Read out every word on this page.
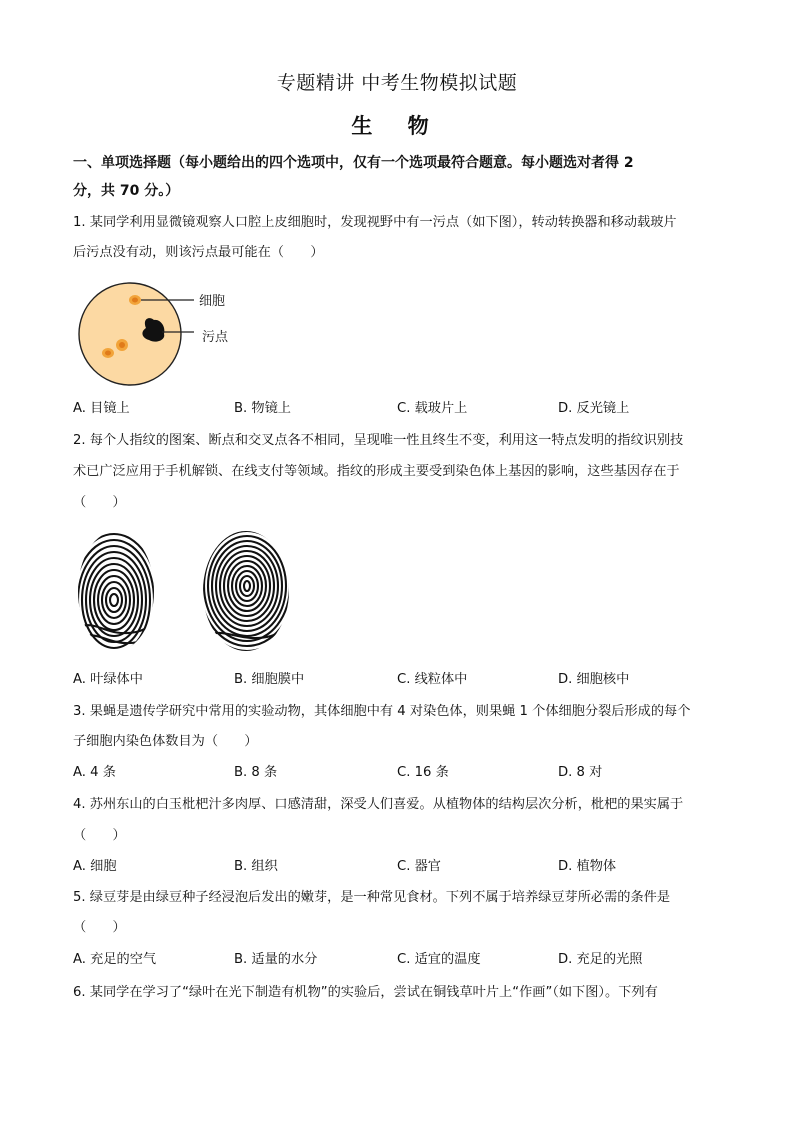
专题精讲 中考生物模拟试题
生 物
一、单项选择题（每小题给出的四个选项中，仅有一个选项最符合题意。每小题选对者得 2
分，共 70 分。）
1. 某同学利用显微镜观察人口腔上皮细胞时，发现视野中有一污点（如下图），转动转换器和移动载玻片
后污点没有动，则该污点最可能在（　　）
细胞
污点
A. 目镜上	B. 物镜上	C. 载玻片上	D. 反光镜上
2. 每个人指纹的图案、断点和交叉点各不相同，呈现唯一性且终生不变，利用这一特点发明的指纹识别技
术已广泛应用于手机解锁、在线支付等领域。指纹的形成主要受到染色体上基因的影响，这些基因存在于
（　　）
A. 叶绿体中	B. 细胞膜中	C. 线粒体中	D. 细胞核中
3. 果蝇是遗传学研究中常用的实验动物，其体细胞中有 4 对染色体，则果蝇 1 个体细胞分裂后形成的每个
子细胞内染色体数目为（　　）
A. 4 条	B. 8 条	C. 16 条	D. 8 对
4. 苏州东山的白玉枇杷汁多肉厚、口感清甜，深受人们喜爱。从植物体的结构层次分析，枇杷的果实属于
（　　）
A. 细胞	B. 组织	C. 器官	D. 植物体
5. 绿豆芽是由绿豆种子经浸泡后发出的嫩芽，是一种常见食材。下列不属于培养绿豆芽所必需的条件是
（　　）
A. 充足的空气	B. 适量的水分	C. 适宜的温度	D. 充足的光照
6. 某同学在学习了“绿叶在光下制造有机物”的实验后，尝试在铜钱草叶片上“作画”（如下图）。下列有
